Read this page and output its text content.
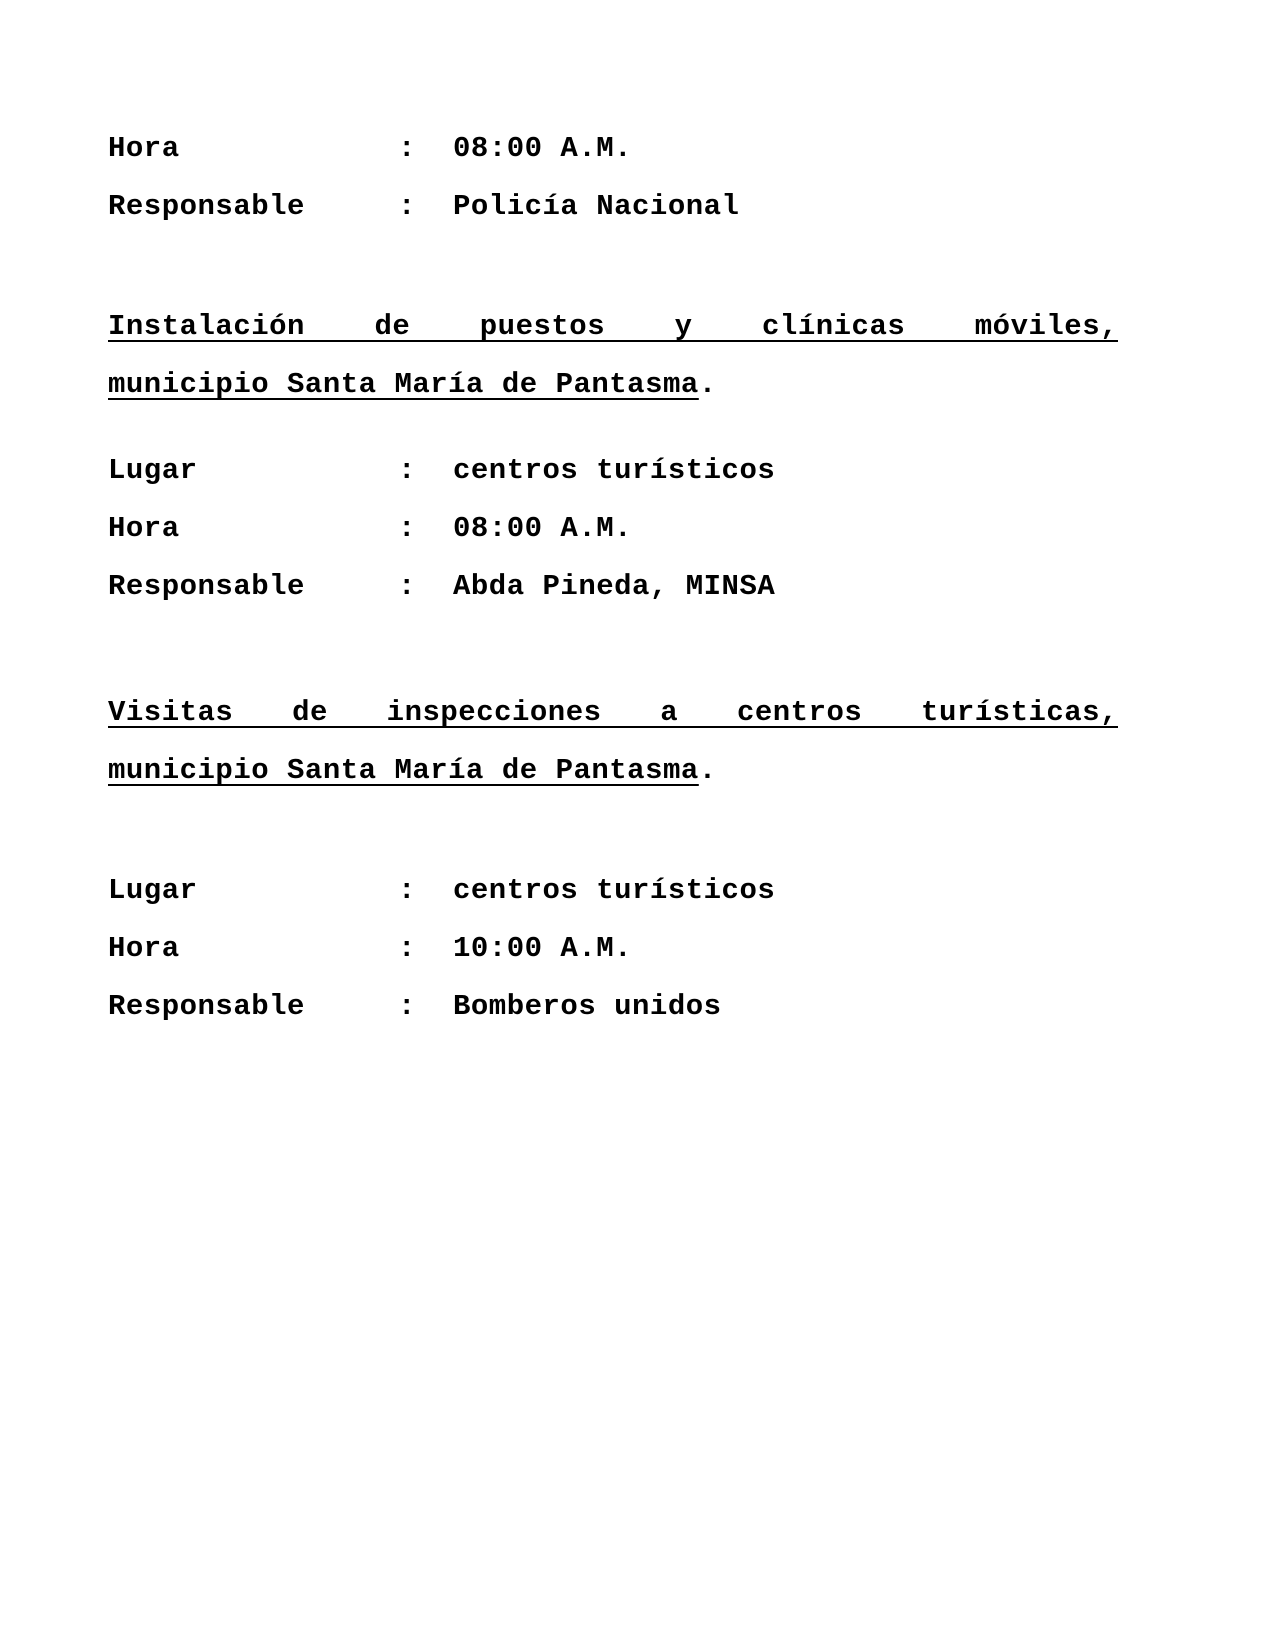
Hora	:	08:00 A.M.
Responsable	:	Policía Nacional

Instalación de puestos y clínicas móviles,
municipio Santa María de Pantasma.

Lugar	:	centros turísticos
Hora	:	08:00 A.M.
Responsable	:	Abda Pineda, MINSA

Visitas de inspecciones a centros turísticas,
municipio Santa María de Pantasma.

Lugar	:	centros turísticos
Hora	:	10:00 A.M.
Responsable	:	Bomberos unidos
